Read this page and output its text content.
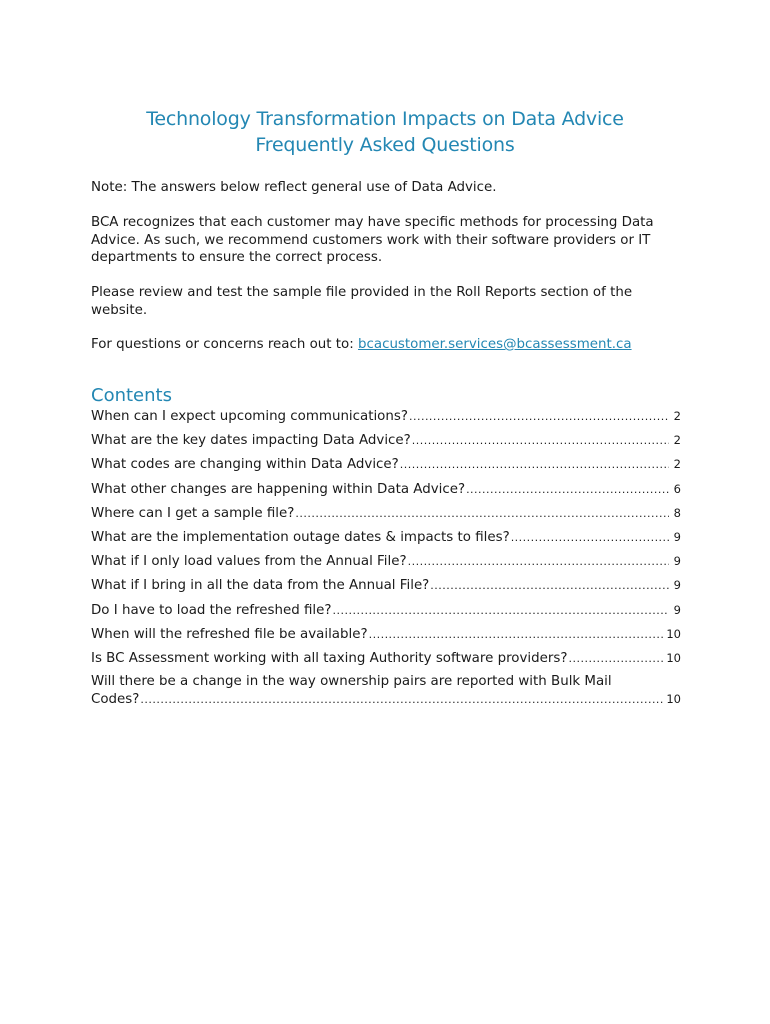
Technology Transformation Impacts on Data Advice
Frequently Asked Questions

Note: The answers below reflect general use of Data Advice.

BCA recognizes that each customer may have specific methods for processing Data Advice. As such, we recommend customers work with their software providers or IT departments to ensure the correct process.

Please review and test the sample file provided in the Roll Reports section of the website.

For questions or concerns reach out to: bcacustomer.services@bcassessment.ca

Contents
When can I expect upcoming communications? .....	2
What are the key dates impacting Data Advice? .....	2
What codes are changing within Data Advice? .....	2
What other changes are happening within Data Advice? .....	6
Where can I get a sample file? .....	8
What are the implementation outage dates & impacts to files? .....	9
What if I only load values from the Annual File? .....	9
What if I bring in all the data from the Annual File? .....	9
Do I have to load the refreshed file? .....	9
When will the refreshed file be available? .....	10
Is BC Assessment working with all taxing Authority software providers? .....	10
Will there be a change in the way ownership pairs are reported with Bulk Mail
Codes? .....	10
